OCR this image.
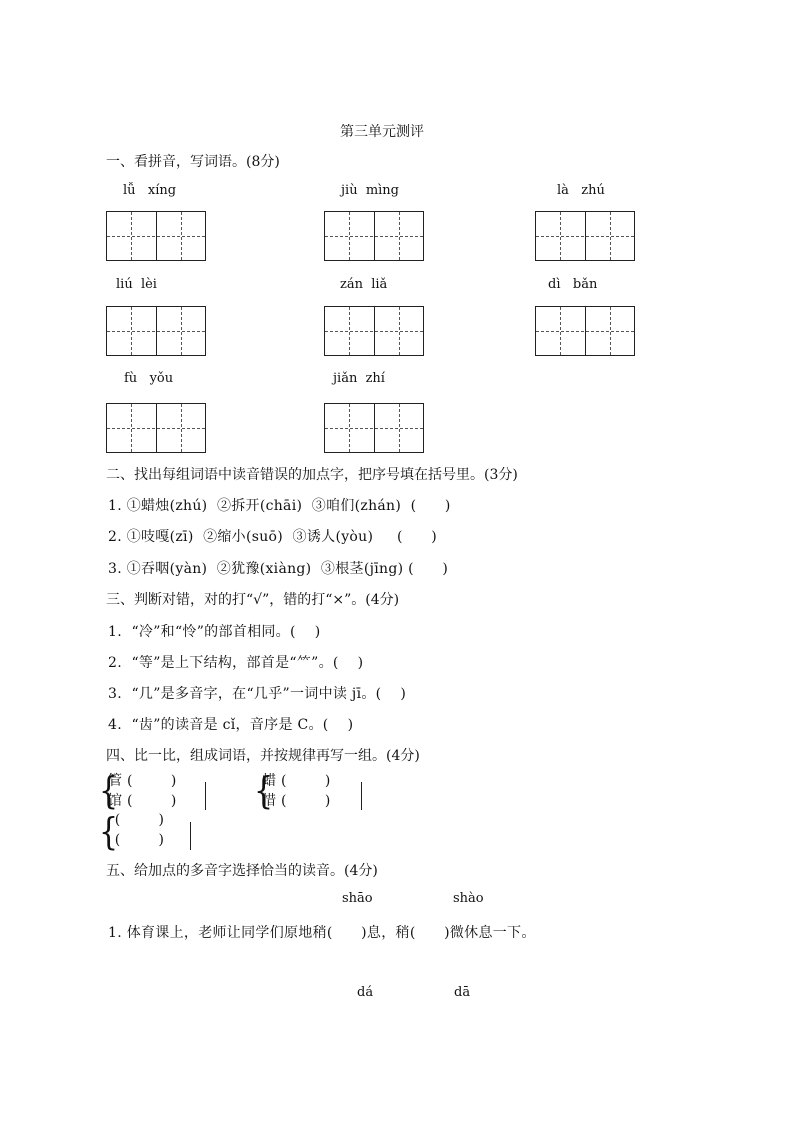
第三单元测评
一、看拼音，写词语。(8分)
lǚ   xíng	jiù  mìng	là   zhú
liú  lèi	zán  liǎ	dì   bǎn
fù   yǒu	jiǎn  zhí
二、找出每组词语中读音错误的加点字，把序号填在括号里。(3分)
1. ①蜡烛(zhú)  ②拆开(chāi)  ③咱们(zhán)  (      )
2. ①吱嘎(zī)  ②缩小(suō)  ③诱人(yòu)     (      )
3. ①吞咽(yàn)  ②犹豫(xiàng)  ③根茎(jīng) (      )
三、判断对错，对的打“√”，错的打“×”。(4分)
1.  “冷”和“怜”的部首相同。(    )
2.  “等”是上下结构，部首是“⺮”。(    )
3.  “几”是多音字，在“几乎”一词中读 jī。(    )
4.  “齿”的读音是 cǐ，音序是 C。(    )
四、比一比，组成词语，并按规律再写一组。(4分)
{
管 (        )
馆 (        )	{
蜡 (        )
惜 (        )
{
(        )
(        )
五、给加点的多音字选择恰当的读音。(4分)
shāo	shào
1. 体育课上，老师让同学们原地稍(      )息，稍(      )微休息一下。
dá	dā
